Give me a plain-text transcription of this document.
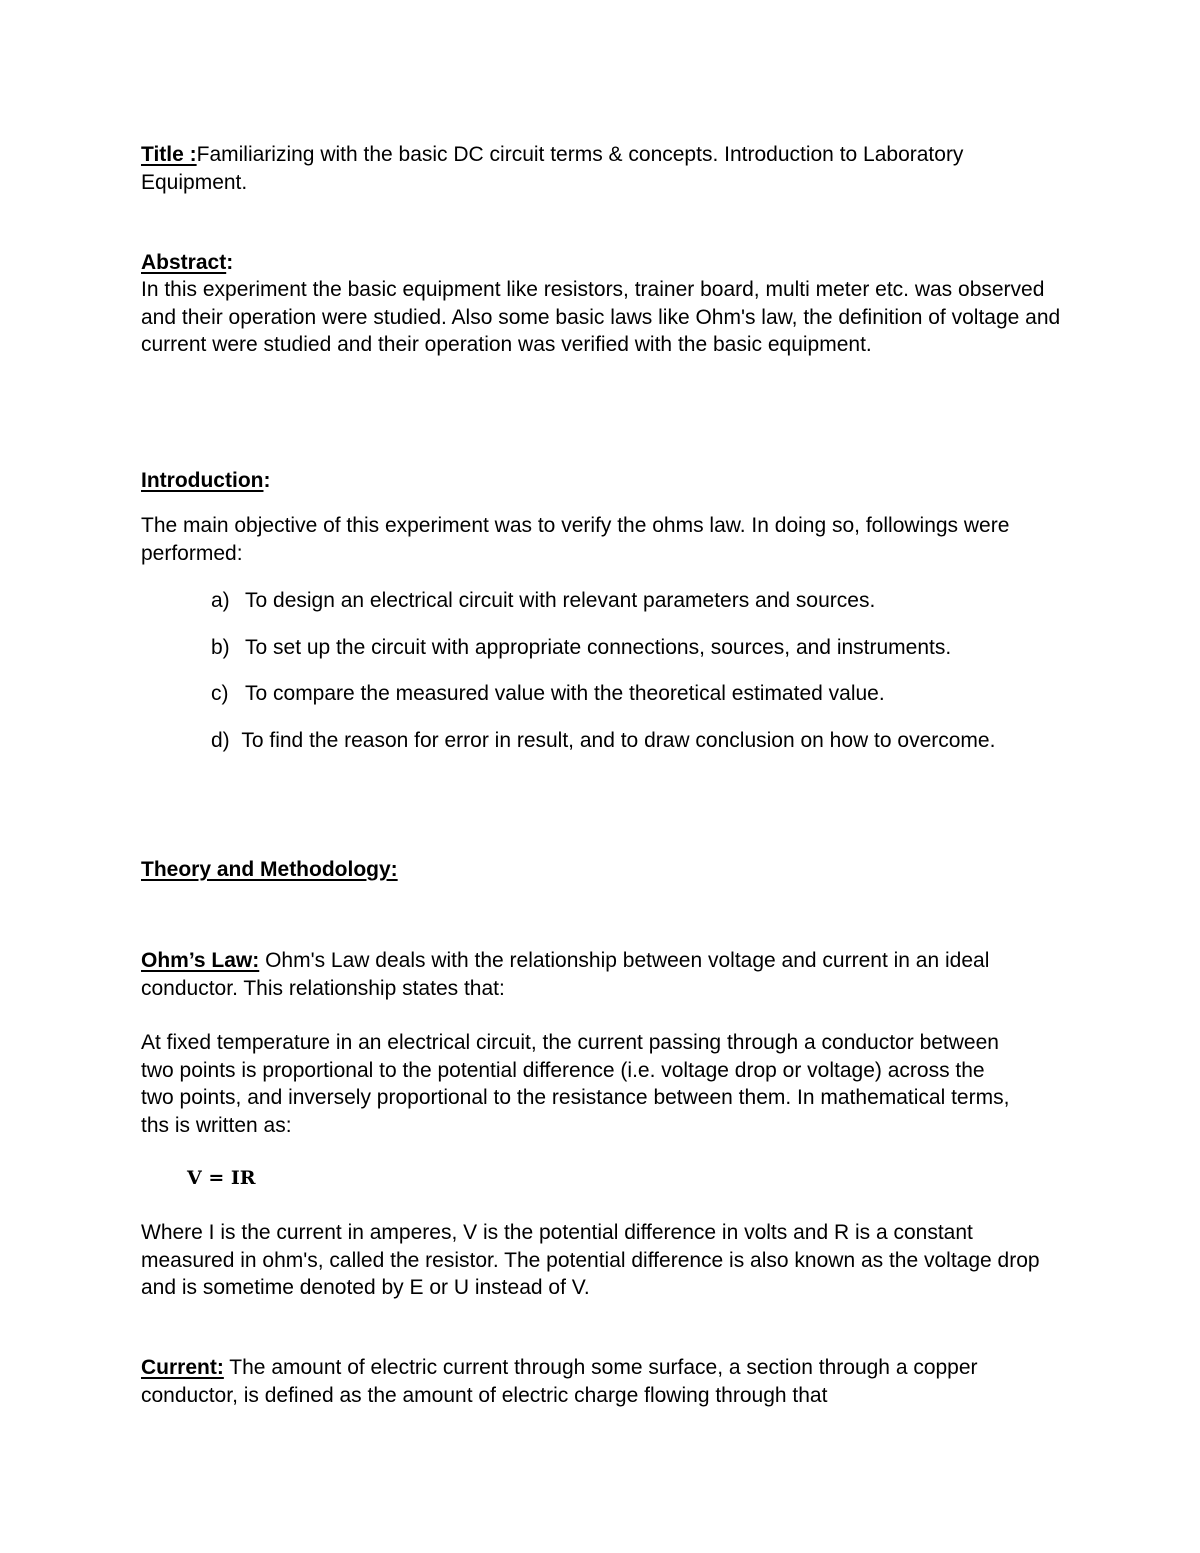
Title :Familiarizing with the basic DC circuit terms & concepts. Introduction to Laboratory Equipment.
Abstract:
In this experiment the basic equipment like resistors, trainer board, multi meter etc. was observed and their operation were studied. Also some basic laws like Ohm's law, the definition of voltage and current were studied and their operation was verified with the basic equipment.
Introduction:
The main objective of this experiment was to verify the ohms law. In doing so, followings were performed:
a) To design an electrical circuit with relevant parameters and sources.
b) To set up the circuit with appropriate connections, sources, and instruments.
c) To compare the measured value with the theoretical estimated value.
d) To find the reason for error in result, and to draw conclusion on how to overcome.
Theory and Methodology:
Ohm’s Law: Ohm's Law deals with the relationship between voltage and current in an ideal conductor. This relationship states that:
At fixed temperature in an electrical circuit, the current passing through a conductor between two points is proportional to the potential difference (i.e. voltage drop or voltage) across the two points, and inversely proportional to the resistance between them. In mathematical terms, ths is written as:
V = IR
Where I is the current in amperes, V is the potential difference in volts and R is a constant measured in ohm's, called the resistor. The potential difference is also known as the voltage drop and is sometime denoted by E or U instead of V.
Current: The amount of electric current through some surface, a section through a copper conductor, is defined as the amount of electric charge flowing through that
